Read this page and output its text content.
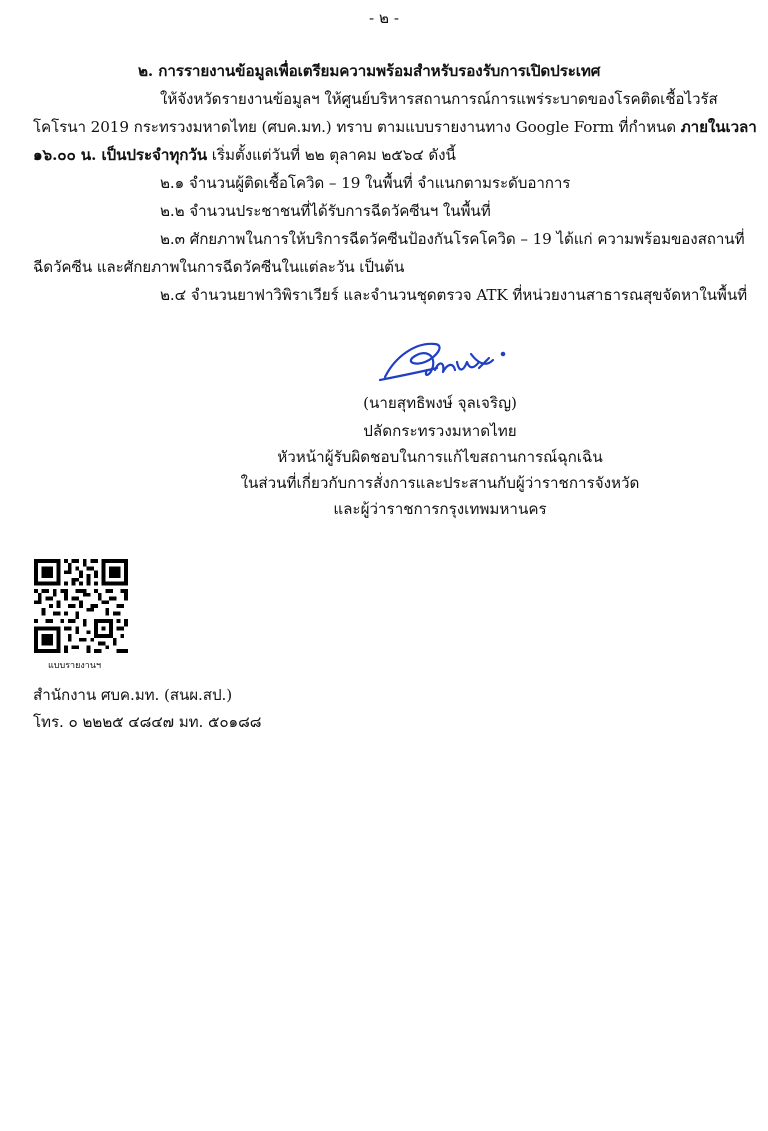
- ๒ -
๒. การรายงานข้อมูลเพื่อเตรียมความพร้อมสำหรับรองรับการเปิดประเทศ
ให้จังหวัดรายงานข้อมูลฯ ให้ศูนย์บริหารสถานการณ์การแพร่ระบาดของโรคติดเชื้อไวรัส
โคโรนา 2019 กระทรวงมหาดไทย (ศบค.มท.) ทราบ ตามแบบรายงานทาง Google Form ที่กำหนด ภายในเวลา
๑๖.๐๐ น. เป็นประจำทุกวัน เริ่มตั้งแต่วันที่ ๒๒ ตุลาคม ๒๕๖๔ ดังนี้
๒.๑ จำนวนผู้ติดเชื้อโควิด – 19 ในพื้นที่ จำแนกตามระดับอาการ
๒.๒ จำนวนประชาชนที่ได้รับการฉีดวัคซีนฯ ในพื้นที่
๒.๓ ศักยภาพในการให้บริการฉีดวัคซีนป้องกันโรคโควิด – 19 ได้แก่ ความพร้อมของสถานที่
ฉีดวัคซีน และศักยภาพในการฉีดวัคซีนในแต่ละวัน เป็นต้น
๒.๔ จำนวนยาฟาวิพิราเวียร์ และจำนวนชุดตรวจ ATK ที่หน่วยงานสาธารณสุขจัดหาในพื้นที่
(นายสุทธิพงษ์ จุลเจริญ)
ปลัดกระทรวงมหาดไทย
หัวหน้าผู้รับผิดชอบในการแก้ไขสถานการณ์ฉุกเฉิน
ในส่วนที่เกี่ยวกับการสั่งการและประสานกับผู้ว่าราชการจังหวัด
และผู้ว่าราชการกรุงเทพมหานคร
แบบรายงานฯ
สำนักงาน ศบค.มท. (สนผ.สป.)
โทร. ๐ ๒๒๒๕ ๔๘๔๗ มท. ๕๐๑๘๘
